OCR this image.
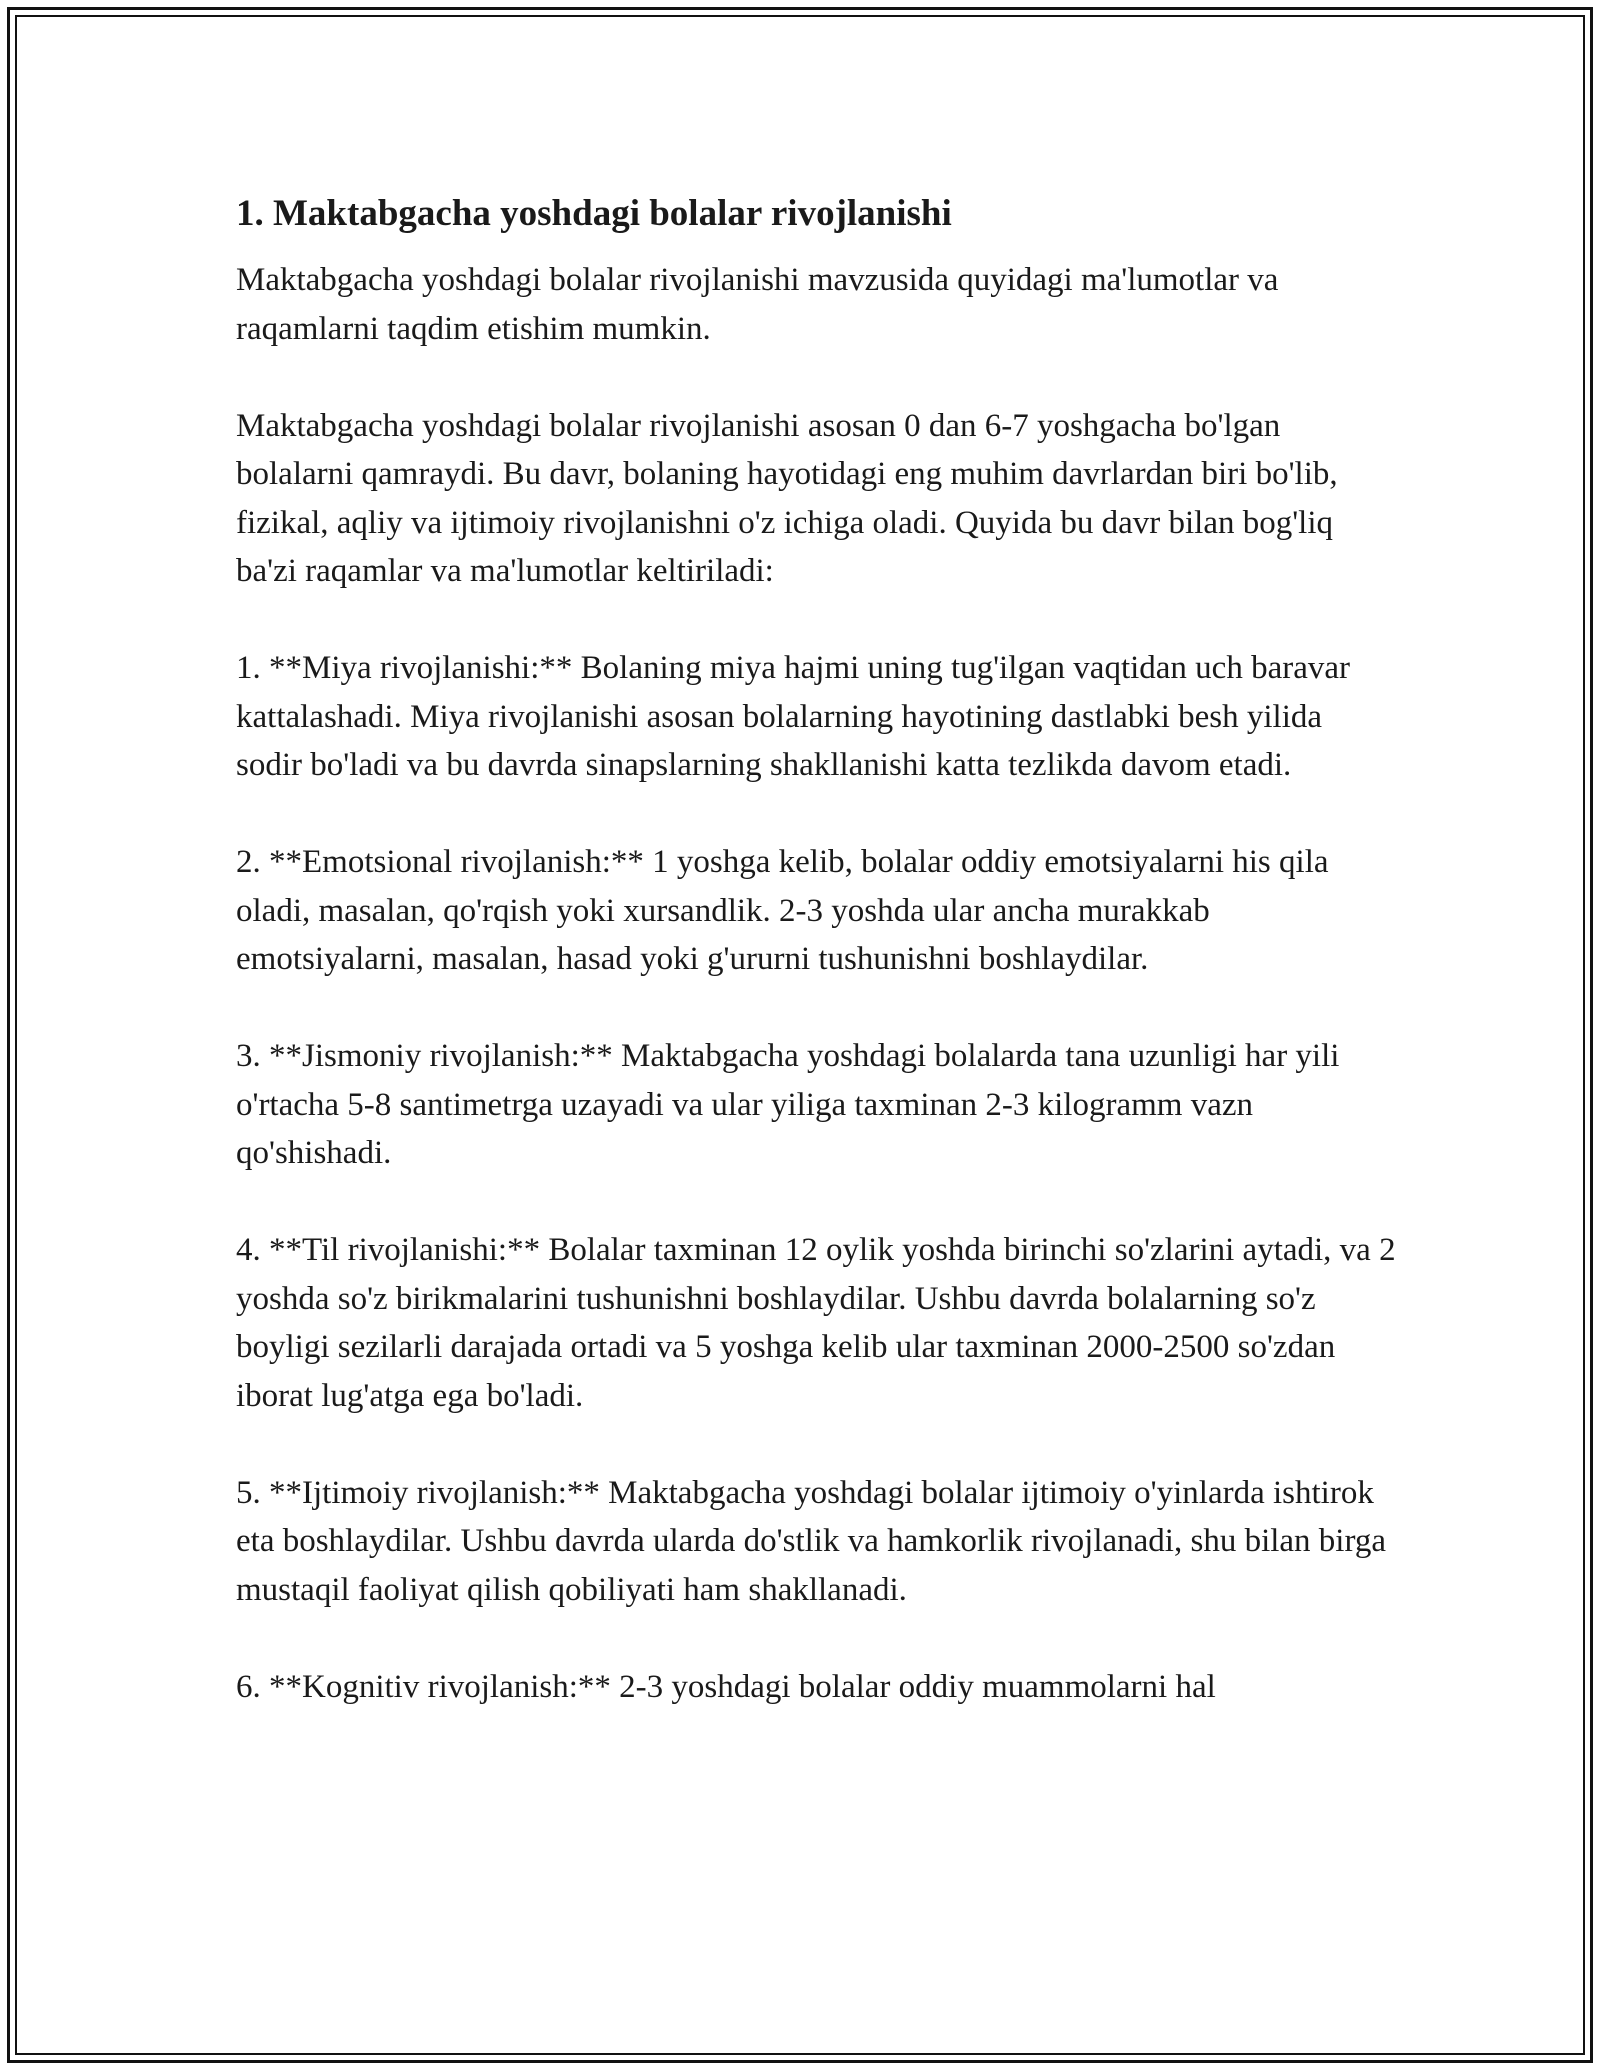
1. Maktabgacha yoshdagi bolalar rivojlanishi

Maktabgacha yoshdagi bolalar rivojlanishi mavzusida quyidagi ma'lumotlar va raqamlarni taqdim etishim mumkin.

Maktabgacha yoshdagi bolalar rivojlanishi asosan 0 dan 6-7 yoshgacha bo'lgan bolalarni qamraydi. Bu davr, bolaning hayotidagi eng muhim davrlardan biri bo'lib, fizikal, aqliy va ijtimoiy rivojlanishni o'z ichiga oladi. Quyida bu davr bilan bog'liq ba'zi raqamlar va ma'lumotlar keltiriladi:

1. **Miya rivojlanishi:** Bolaning miya hajmi uning tug'ilgan vaqtidan uch baravar kattalashadi. Miya rivojlanishi asosan bolalarning hayotining dastlabki besh yilida sodir bo'ladi va bu davrda sinapslarning shakllanishi katta tezlikda davom etadi.

2. **Emotsional rivojlanish:** 1 yoshga kelib, bolalar oddiy emotsiyalarni his qila oladi, masalan, qo'rqish yoki xursandlik. 2-3 yoshda ular ancha murakkab emotsiyalarni, masalan, hasad yoki g'ururni tushunishni boshlaydilar.

3. **Jismoniy rivojlanish:** Maktabgacha yoshdagi bolalarda tana uzunligi har yili o'rtacha 5-8 santimetrga uzayadi va ular yiliga taxminan 2-3 kilogramm vazn qo'shishadi.

4. **Til rivojlanishi:** Bolalar taxminan 12 oylik yoshda birinchi so'zlarini aytadi, va 2 yoshda so'z birikmalarini tushunishni boshlaydilar. Ushbu davrda bolalarning so'z boyligi sezilarli darajada ortadi va 5 yoshga kelib ular taxminan 2000-2500 so'zdan iborat lug'atga ega bo'ladi.

5. **Ijtimoiy rivojlanish:** Maktabgacha yoshdagi bolalar ijtimoiy o'yinlarda ishtirok eta boshlaydilar. Ushbu davrda ularda do'stlik va hamkorlik rivojlanadi, shu bilan birga mustaqil faoliyat qilish qobiliyati ham shakllanadi.

6. **Kognitiv rivojlanish:** 2-3 yoshdagi bolalar oddiy muammolarni hal
